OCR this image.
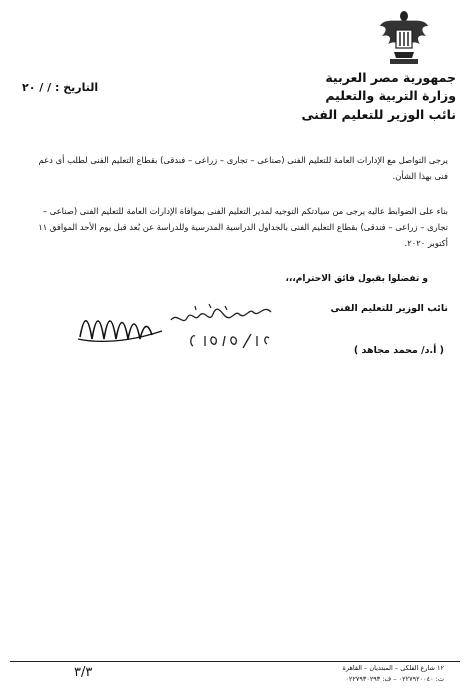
جمهورية مصر العربية
وزارة التربية والتعليم
نائب الوزير للتعليم الفنى
التاريخ : / / ٢٠
يرجى التواصل مع الإدارات العامة للتعليم الفنى (صناعى – تجارى – زراعى – فندقى) بقطاع التعليم الفنى لطلب أى دعم فنى بهذا الشأن.
بناء على الضوابط عاليه يرجى من سيادتكم التوجيه لمدير التعليم الفنى بموافاة الإدارات العامة للتعليم الفنى (صناعى – تجارى – زراعى – فندقى) بقطاع التعليم الفنى بالجداول الدراسية المدرسية وللدراسة عن بُعد قبل يوم الأحد الموافق ١١ أكتوبر ٢٠٢٠.
و تفضلوا بقبول فائق الاحترام،،،
نائب الوزير للتعليم الفنى
( أ.د/ محمد مجاهد )
١٢ شارع الفلكى – المبتديان – القاهرة
ت: ٠٢٢٧٩٢٠٠٤٠ – ف: ٠٢٢٧٩٣٠٢٩٣
٣/٣
